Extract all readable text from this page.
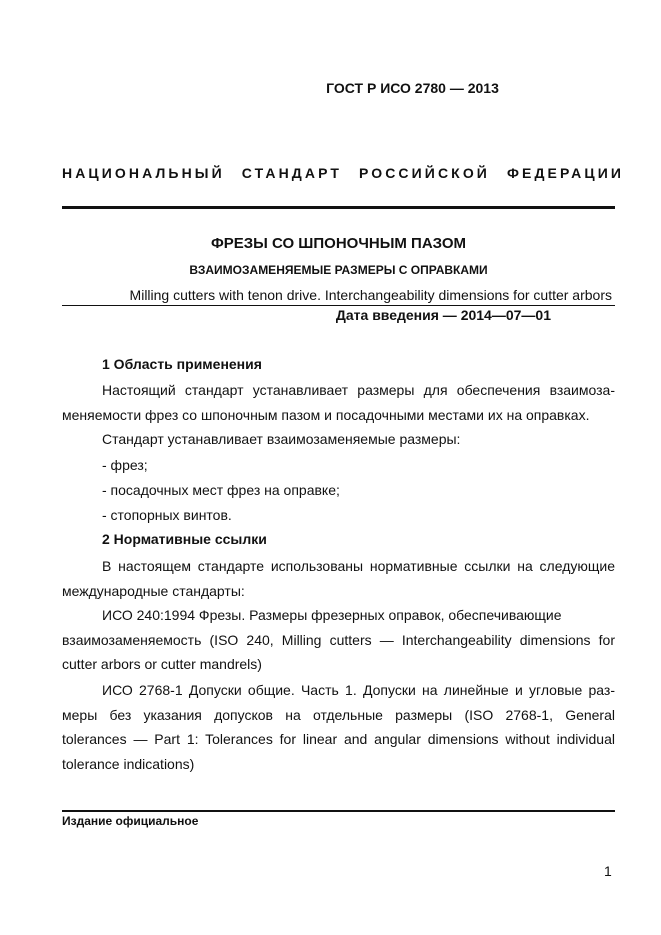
ГОСТ Р ИСО 2780 — 2013
НАЦИОНАЛЬНЫЙ СТАНДАРТ РОССИЙСКОЙ ФЕДЕРАЦИИ
ФРЕЗЫ СО ШПОНОЧНЫМ ПАЗОМ
ВЗАИМОЗАМЕНЯЕМЫЕ РАЗМЕРЫ С ОПРАВКАМИ
Milling cutters with tenon drive. Interchangeability dimensions for cutter arbors
Дата введения — 2014—07—01
1 Область применения
Настоящий стандарт устанавливает размеры для обеспечения взаимоза-
меняемости фрез со шпоночным пазом и посадочными местами их на оправках.
Стандарт устанавливает взаимозаменяемые размеры:
- фрез;
- посадочных мест фрез на оправке;
- стопорных винтов.
2 Нормативные ссылки
В настоящем стандарте использованы нормативные ссылки на следующие
международные стандарты:
ИСО 240:1994 Фрезы. Размеры фрезерных оправок, обеспечивающие
взаимозаменяемость (ISO 240, Milling cutters — Interchangeability dimensions for
cutter arbors or cutter mandrels)
ИСО 2768-1 Допуски общие. Часть 1. Допуски на линейные и угловые раз-
меры без указания допусков на отдельные размеры (ISO 2768-1, General
tolerances — Part 1: Tolerances for linear and angular dimensions without individual
tolerance indications)
Издание официальное
1
